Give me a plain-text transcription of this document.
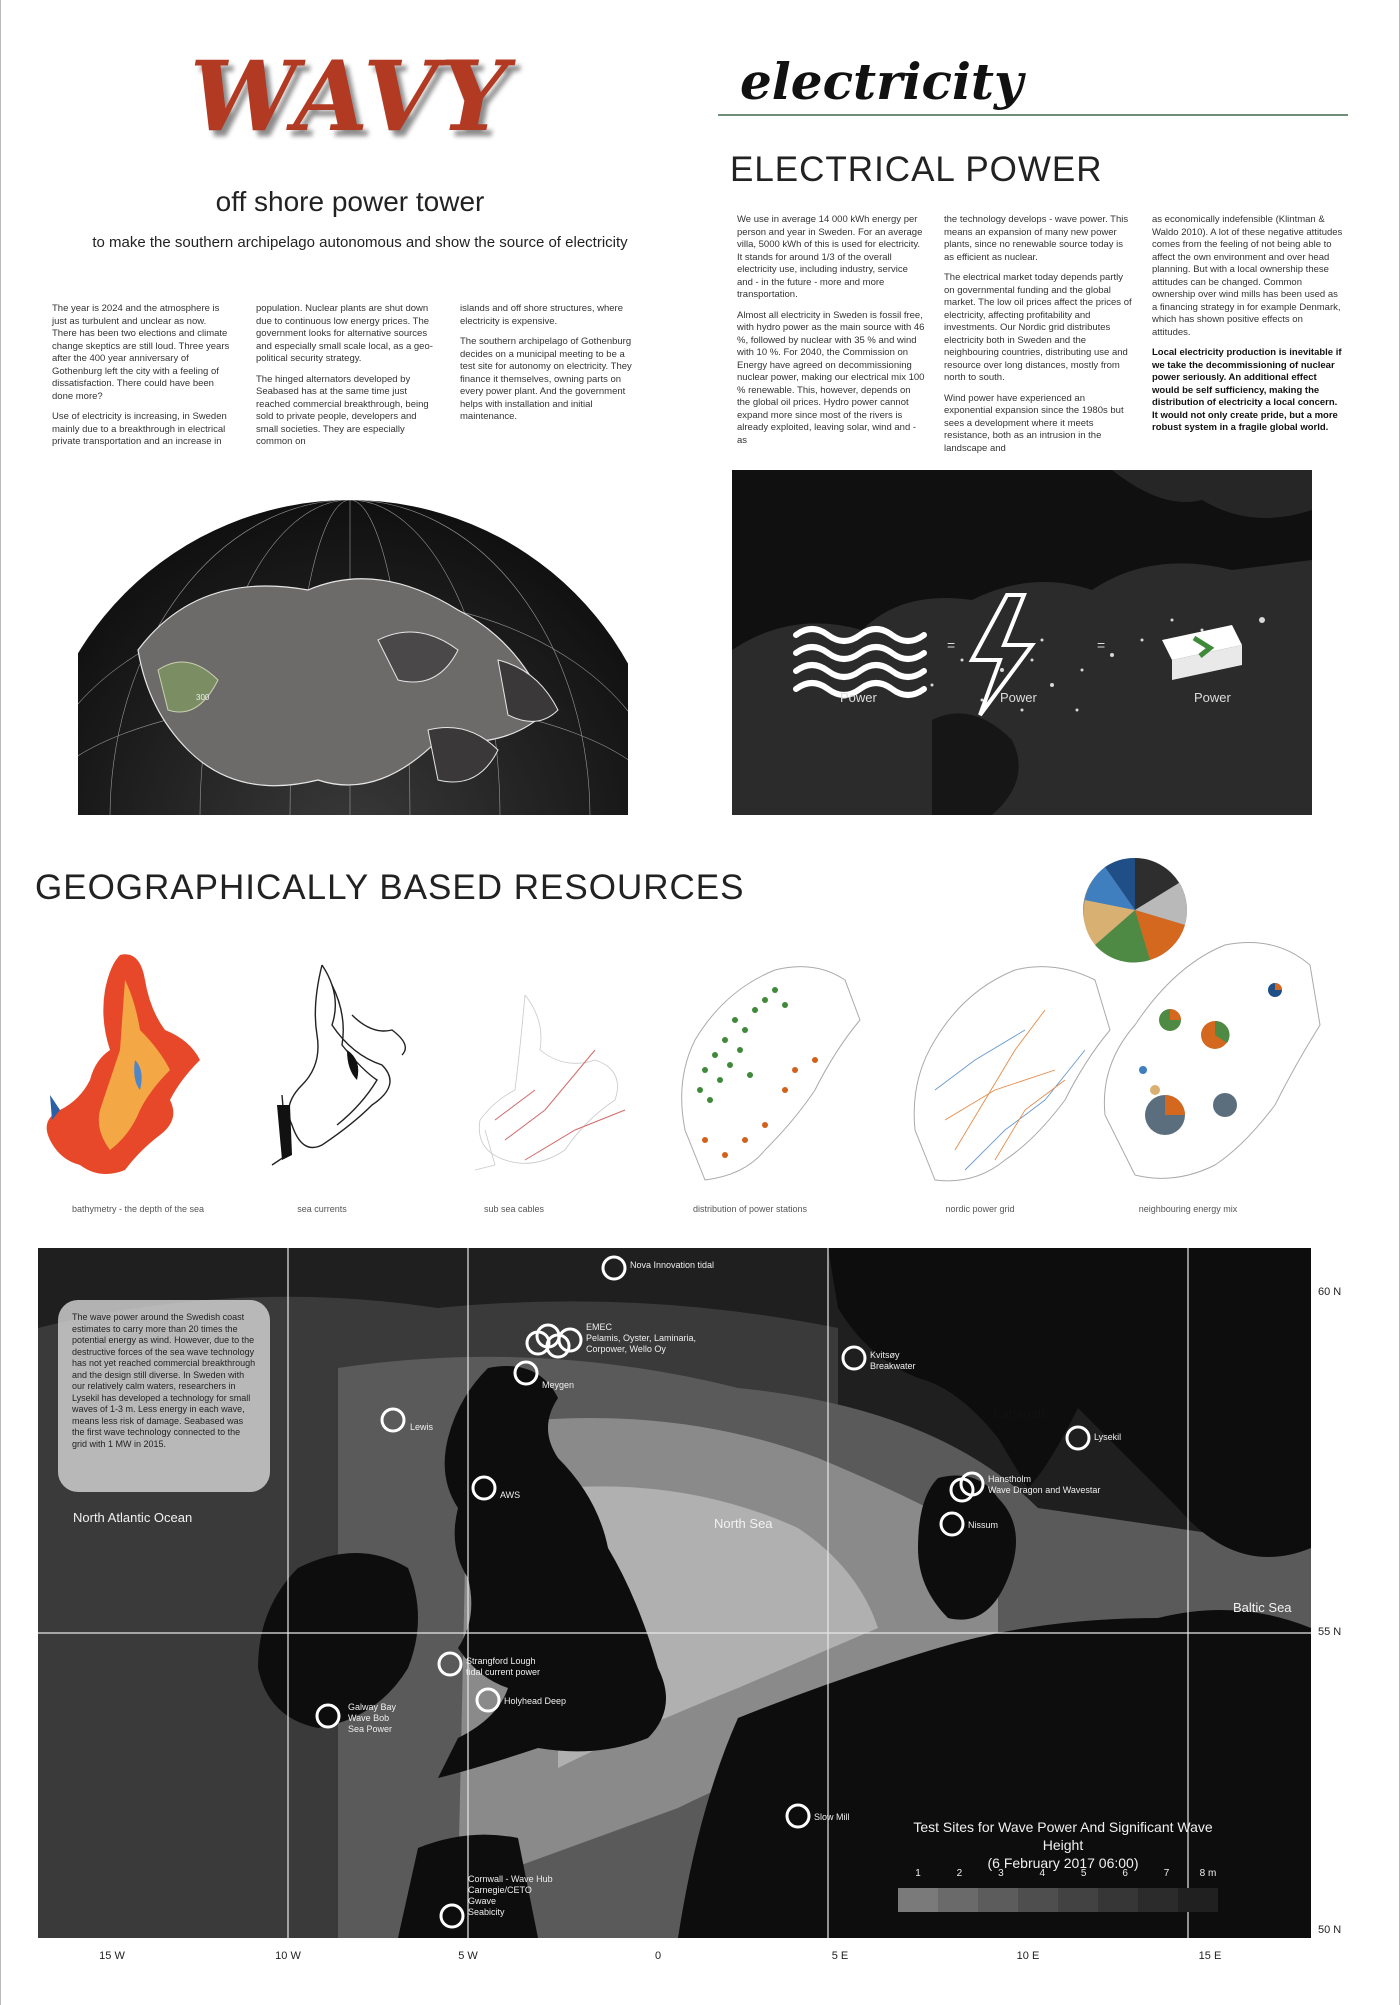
WAVY
off shore power tower
to make the southern archipelago autonomous and show the source of electricity

The year is 2024 and the atmosphere is just as turbulent and unclear as now. There has been two elections and climate change skeptics are still loud. Three years after the 400 year anniversary of Gothenburg left the city with a feeling of dissatisfaction. There could have been done more?

Use of electricity is increasing, in Sweden mainly due to a breakthrough in electrical private transportation and an increase in

population. Nuclear plants are shut down due to continuous low energy prices. The government looks for alternative sources and especially small scale local, as a geo-political security strategy.

The hinged alternators developed by Seabased has at the same time just reached commercial breakthrough, being sold to private people, developers and small societies. They are especially common on

islands and off shore structures, where electricity is expensive.

The southern archipelago of Gothenburg decides on a municipal meeting to be a test site for autonomy on electricity. They finance it themselves, owning parts on every power plant. And the government helps with installation and initial maintenance.

electricity
ELECTRICAL POWER

We use in average 14 000 kWh energy per person and year in Sweden. For an average villa, 5000 kWh of this is used for electricity. It stands for around 1/3 of the overall electricity use, including industry, service and - in the future - more and more transportation.

Almost all electricity in Sweden is fossil free, with hydro power as the main source with 46 %, followed by nuclear with 35 % and wind with 10 %. For 2040, the Commission on Energy have agreed on decommissioning nuclear power, making our electrical mix 100 % renewable. This, however, depends on the global oil prices. Hydro power cannot expand more since most of the rivers is already exploited, leaving solar, wind and - as

the technology develops - wave power. This means an expansion of many new power plants, since no renewable source today is as efficient as nuclear.

The electrical market today depends partly on governmental funding and the global market. The low oil prices affect the prices of electricity, affecting profitability and investments. Our Nordic grid distributes electricity both in Sweden and the neighbouring countries, distributing use and resource over long distances, mostly from north to south.

Wind power have experienced an exponential expansion since the 1980s but sees a development where it meets resistance, both as an intrusion in the landscape and

as economically indefensible (Klintman & Waldo 2010). A lot of these negative attitudes comes from the feeling of not being able to affect the own environment and over head planning. But with a local ownership these attitudes can be changed. Common ownership over wind mills has been used as a financing strategy in for example Denmark, which has shown positive effects on attitudes.

Local electricity production is inevitable if we take the decommissioning of nuclear power seriously. An additional effect would be self sufficiency, making the distribution of electricity a local concern. It would not only create pride, but a more robust system in a fragile global world.

300
=	=
Power	Power	Power
GEOGRAPHICALLY BASED RESOURCES
bathymetry - the depth of the sea	sea currents	sub sea cables	distribution of power stations	nordic power grid	neighbouring energy mix
The wave power around the Swedish coast estimates to carry more than 20 times the potential energy as wind. However, due to the destructive forces of the sea wave technology has not yet reached commercial breakthrough and the design still diverse. In Sweden with our relatively calm waters, researchers in Lysekil has developed a technology for small waves of 1-3 m. Less energy in each wave, means less risk of damage. Seabased was the first wave technology connected to the grid with 1 MW in 2015.
North Atlantic Ocean	North Sea
Kattegatt
Baltic Sea
Nova Innovation tidal
EMEC
Pelamis, Oyster, Laminaria,
Corpower, Wello Oy
Meygen
Lewis
AWS
Kvitsøy
Breakwater
Lysekil
Hanstholm
Wave Dragon and Wavestar
Nissum
Strangford Lough
tidal current power
Galway Bay
Wave Bob
Sea Power
Holyhead Deep
Slow Mill
Cornwall - Wave Hub
Carnegie/CETO
Gwave
Seabicity
Test Sites for Wave Power And Significant Wave Height
(6 February 2017 06:00)
1	2	3	4	5	6	7	8 m
60 N
55 N
50 N
15 W	10 W	5 W	0	5 E	10 E	15 E
